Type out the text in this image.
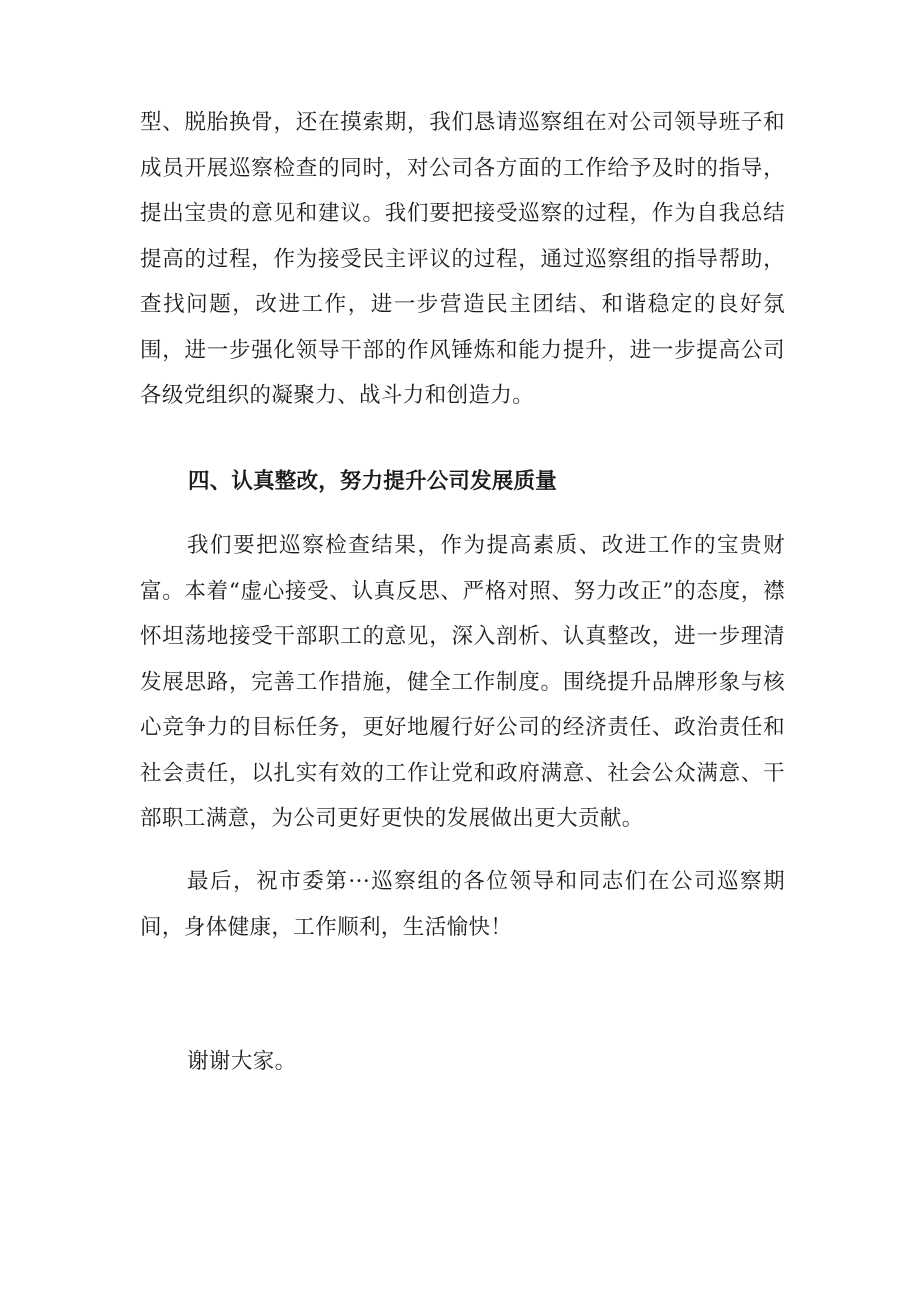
型、脱胎换骨，还在摸索期，我们恳请巡察组在对公司领导班子和成员开展巡察检查的同时，对公司各方面的工作给予及时的指导，提出宝贵的意见和建议。我们要把接受巡察的过程，作为自我总结提高的过程，作为接受民主评议的过程，通过巡察组的指导帮助，查找问题，改进工作，进一步营造民主团结、和谐稳定的良好氛围，进一步强化领导干部的作风锤炼和能力提升，进一步提高公司各级党组织的凝聚力、战斗力和创造力。

四、认真整改，努力提升公司发展质量

我们要把巡察检查结果，作为提高素质、改进工作的宝贵财富。本着“虚心接受、认真反思、严格对照、努力改正”的态度，襟怀坦荡地接受干部职工的意见，深入剖析、认真整改，进一步理清发展思路，完善工作措施，健全工作制度。围绕提升品牌形象与核心竞争力的目标任务，更好地履行好公司的经济责任、政治责任和社会责任，以扎实有效的工作让党和政府满意、社会公众满意、干部职工满意，为公司更好更快的发展做出更大贡献。

最后，祝市委第···巡察组的各位领导和同志们在公司巡察期间，身体健康，工作顺利，生活愉快！

谢谢大家。
